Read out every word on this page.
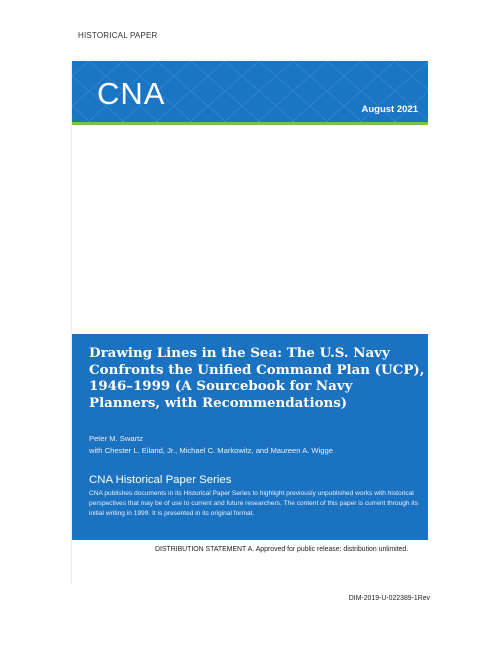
HISTORICAL PAPER
CNA	August 2021
Drawing Lines in the Sea: The U.S. Navy Confronts the Unified Command Plan (UCP), 1946–1999 (A Sourcebook for Navy Planners, with Recommendations)
Peter M. Swartz
with Chester L. Eiland, Jr., Michael C. Markowitz, and Maureen A. Wigge
CNA Historical Paper Series
CNA publishes documents in its Historical Paper Series to highlight previously unpublished works with historical perspectives that may be of use to current and future researchers. The content of this paper is current through its initial writing in 1999. It is presented in its original format.
DISTRIBUTION STATEMENT A. Approved for public release: distribution unlimited.
DIM-2019-U-022389-1Rev
